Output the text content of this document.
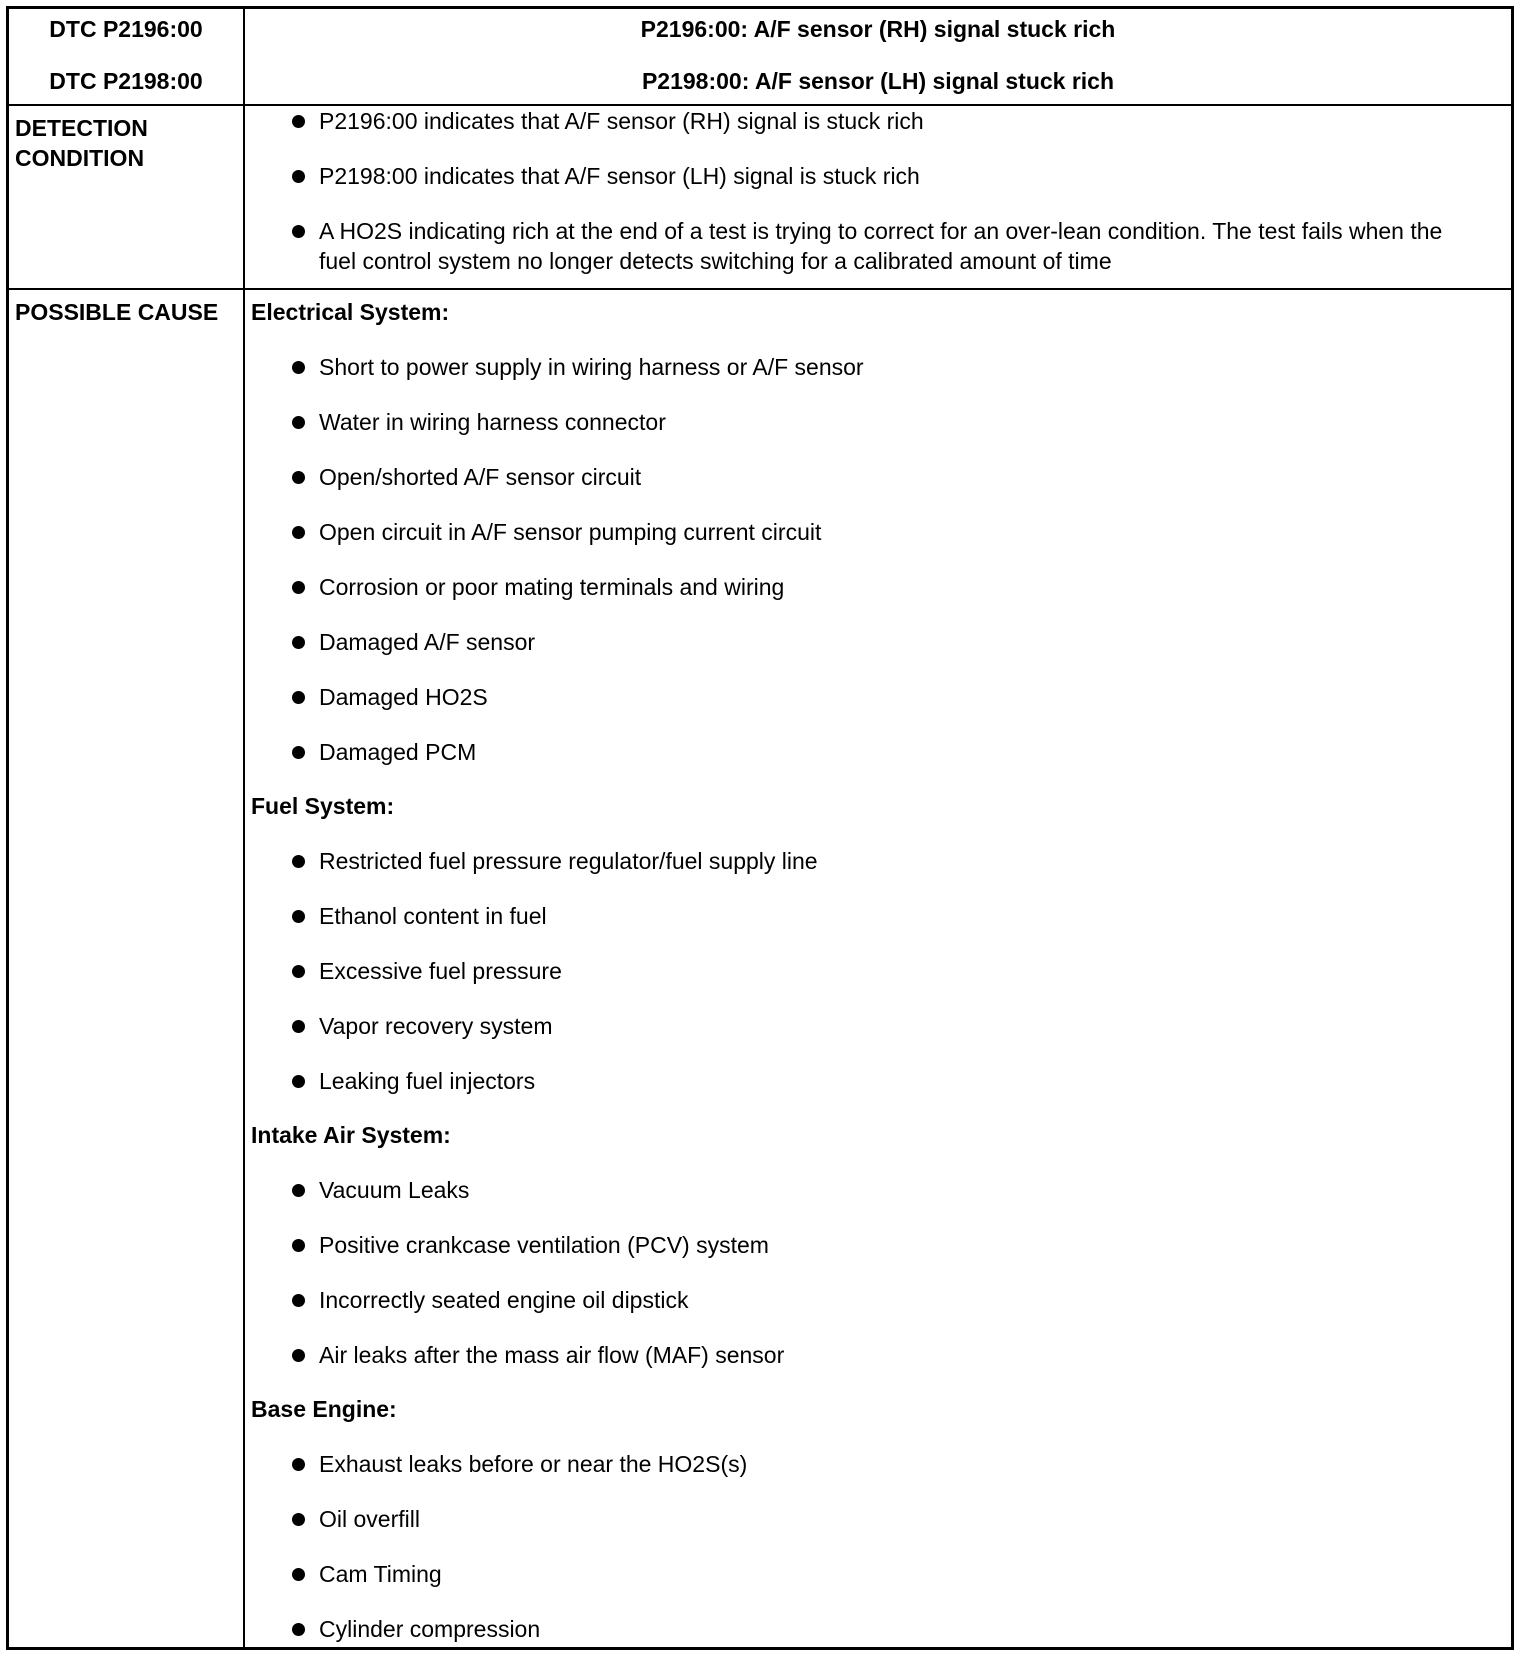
DTC P2196:00
DTC P2198:00
P2196:00: A/F sensor (RH) signal stuck rich
P2198:00: A/F sensor (LH) signal stuck rich
DETECTION
CONDITION
P2196:00 indicates that A/F sensor (RH) signal is stuck rich
P2198:00 indicates that A/F sensor (LH) signal is stuck rich
A HO2S indicating rich at the end of a test is trying to correct for an over-lean condition. The test fails when the fuel control system no longer detects switching for a calibrated amount of time
POSSIBLE CAUSE	Electrical System:
Short to power supply in wiring harness or A/F sensor
Water in wiring harness connector
Open/shorted A/F sensor circuit
Open circuit in A/F sensor pumping current circuit
Corrosion or poor mating terminals and wiring
Damaged A/F sensor
Damaged HO2S
Damaged PCM
Fuel System:
Restricted fuel pressure regulator/fuel supply line
Ethanol content in fuel
Excessive fuel pressure
Vapor recovery system
Leaking fuel injectors
Intake Air System:
Vacuum Leaks
Positive crankcase ventilation (PCV) system
Incorrectly seated engine oil dipstick
Air leaks after the mass air flow (MAF) sensor
Base Engine:
Exhaust leaks before or near the HO2S(s)
Oil overfill
Cam Timing
Cylinder compression
